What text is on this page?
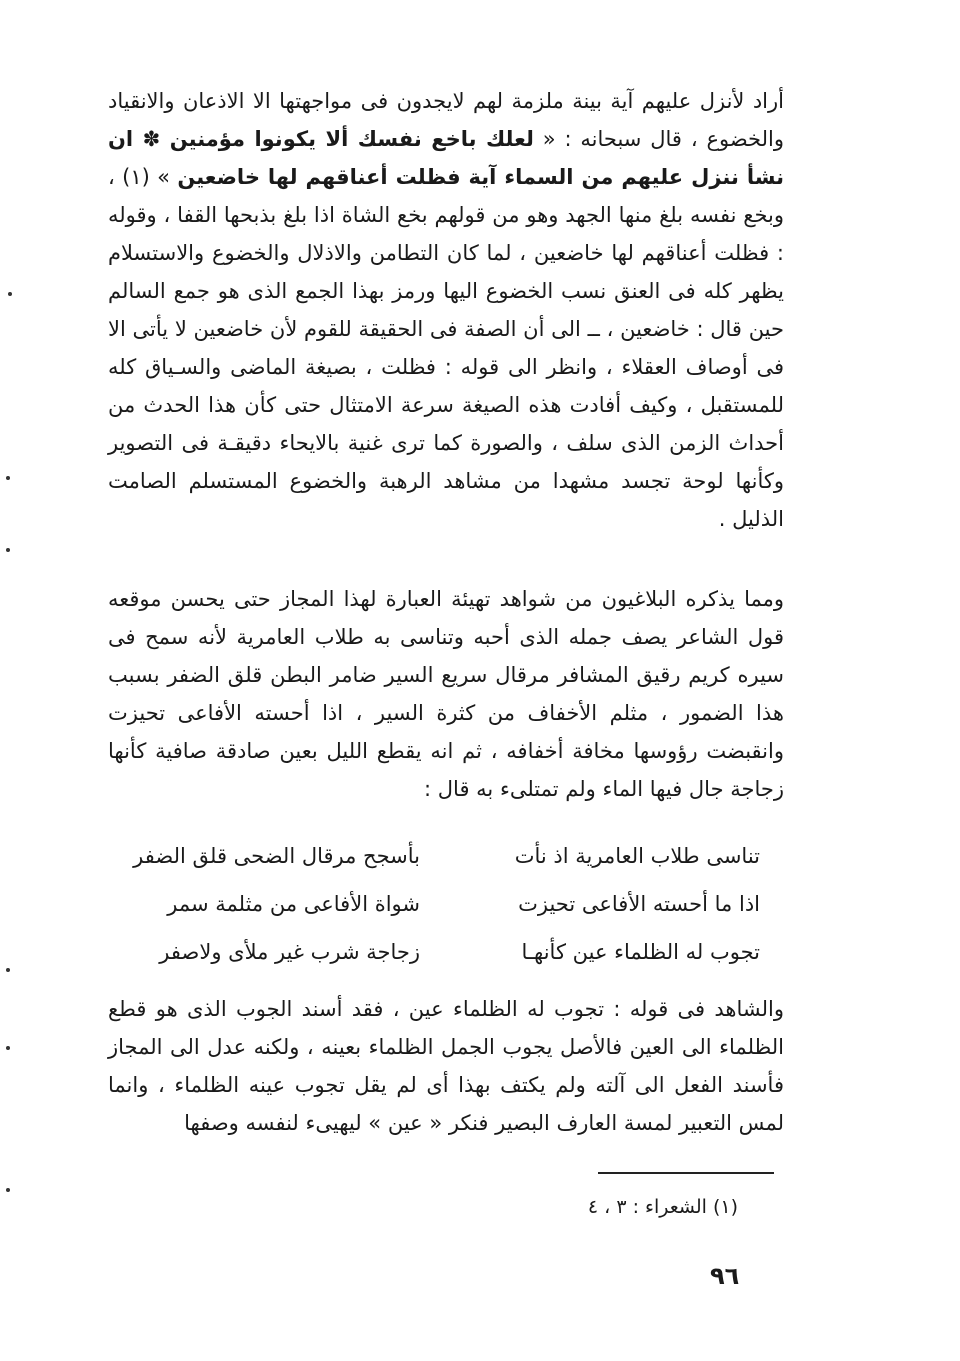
أراد لأنزل عليهم آية بينة ملزمة لهم لايجدون فى مواجهتها الا الاذعان والانقياد والخضوع ، قال سبحانه : « لعلك باخع نفسك ألا يكونوا مؤمنين ✽ ان نشأ ننزل عليهم من السماء آية فظلت أعناقهم لها خاضعين » (١) ، وبخع نفسه بلغ منها الجهد وهو من قولهم بخع الشاة اذا بلغ بذبحها القفا ، وقوله : فظلت أعناقهم لها خاضعين ، لما كان التطامن والاذلال والخضوع والاستسلام يظهر كله فى العنق نسب الخضوع اليها ورمز بهذا الجمع الذى هو جمع السالم حين قال : خاضعين ، ــ الى أن الصفة فى الحقيقة للقوم لأن خاضعين لا يأتى الا فى أوصاف العقلاء ، وانظر الى قوله : فظلت ، بصيغة الماضى والسـياق كله للمستقبل ، وكيف أفادت هذه الصيغة سرعة الامتثال حتى كأن هذا الحدث من أحداث الزمن الذى سلف ، والصورة كما ترى غنية بالايحاء دقيقـة فى التصوير وكأنها لوحة تجسد مشهدا من مشاهد الرهبة والخضوع المستسلم الصامت الذليل .
ومما يذكره البلاغيون من شواهد تهيئة العبارة لهذا المجاز حتى يحسن موقعه قول الشاعر يصف جمله الذى أحبه وتناسى به طلاب العامرية لأنه سمح فى سيره كريم رقيق المشافر مرقال سريع السير ضامر البطن قلق الضفر بسبب هذا الضمور ، مثلم الأخفاف من كثرة السير ، اذا أحسته الأفاعى تحيزت وانقبضت رؤوسها مخافة أخفافه ، ثم انه يقطع الليل بعين صادقة صافية كأنها زجاجة جال فيها الماء ولم تمتلىء به قال :
تناسى طلاب العامرية اذ نأت
بأسجح مرقال الضحى قلق الضفر
اذا ما أحسته الأفاعى تحيزت
شواة الأفاعى من مثلمة سمر
تجوب له الظلماء عين كأنهـا
زجاجة شرب غير ملأى ولاصفر
والشاهد فى قوله : تجوب له الظلماء عين ، فقد أسند الجوب الذى هو قطع الظلماء الى العين فالأصل يجوب الجمل الظلماء بعينه ، ولكنه عدل الى المجاز فأسند الفعل الى آلته ولم يكتف بهذا أى لم يقل تجوب عينه الظلماء ، وانما لمس التعبير لمسة العارف البصير فنكر « عين » ليهيىء لنفسه وصفها
(١) الشعراء : ٣ ، ٤
٩٦
